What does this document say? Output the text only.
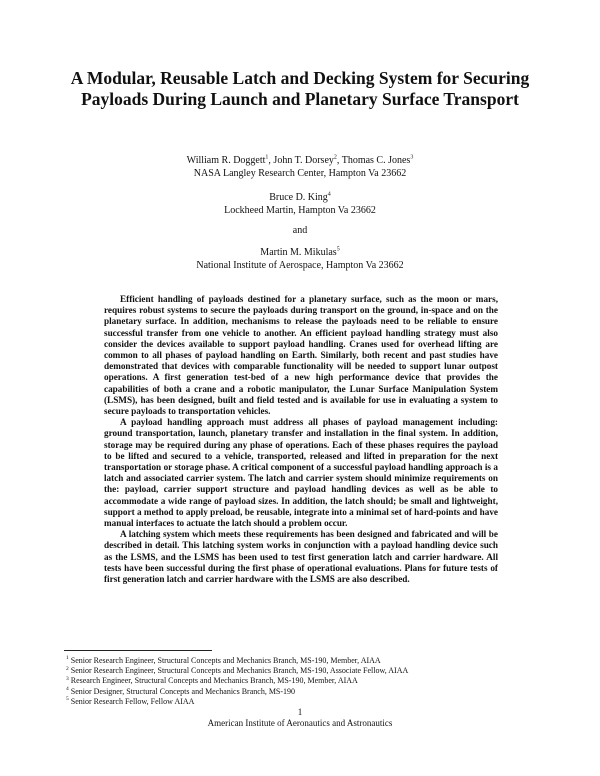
A Modular, Reusable Latch and Decking System for Securing Payloads During Launch and Planetary Surface Transport
William R. Doggett$^1$, John T. Dorsey$^2$, Thomas C. Jones$^3$
NASA Langley Research Center, Hampton Va 23662
Bruce D. King$^4$
Lockheed Martin, Hampton Va 23662
and
Martin M. Mikulas$^5$
National Institute of Aerospace, Hampton Va 23662

Efficient handling of payloads destined for a planetary surface, such as the moon or mars, requires robust systems to secure the payloads during transport on the ground, in-space and on the planetary surface. In addition, mechanisms to release the payloads need to be reliable to ensure successful transfer from one vehicle to another. An efficient payload handling strategy must also consider the devices available to support payload handling. Cranes used for overhead lifting are common to all phases of payload handling on Earth. Similarly, both recent and past studies have demonstrated that devices with comparable functionality will be needed to support lunar outpost operations. A first generation test-bed of a new high performance device that provides the capabilities of both a crane and a robotic manipulator, the Lunar Surface Manipulation System (LSMS), has been designed, built and field tested and is available for use in evaluating a system to secure payloads to transportation vehicles.

A payload handling approach must address all phases of payload management including: ground transportation, launch, planetary transfer and installation in the final system. In addition, storage may be required during any phase of operations. Each of these phases requires the payload to be lifted and secured to a vehicle, transported, released and lifted in preparation for the next transportation or storage phase. A critical component of a successful payload handling approach is a latch and associated carrier system. The latch and carrier system should minimize requirements on the: payload, carrier support structure and payload handling devices as well as be able to accommodate a wide range of payload sizes. In addition, the latch should; be small and lightweight, support a method to apply preload, be reusable, integrate into a minimal set of hard-points and have manual interfaces to actuate the latch should a problem occur.

A latching system which meets these requirements has been designed and fabricated and will be described in detail. This latching system works in conjunction with a payload handling device such as the LSMS, and the LSMS has been used to test first generation latch and carrier hardware. All tests have been successful during the first phase of operational evaluations. Plans for future tests of first generation latch and carrier hardware with the LSMS are also described.

$^1$ Senior Research Engineer, Structural Concepts and Mechanics Branch, MS-190, Member, AIAA
$^2$ Senior Research Engineer, Structural Concepts and Mechanics Branch, MS-190, Associate Fellow, AIAA
$^3$ Research Engineer, Structural Concepts and Mechanics Branch, MS-190, Member, AIAA
$^4$ Senior Designer, Structural Concepts and Mechanics Branch, MS-190
$^5$ Senior Research Fellow, Fellow AIAA
1
American Institute of Aeronautics and Astronautics
